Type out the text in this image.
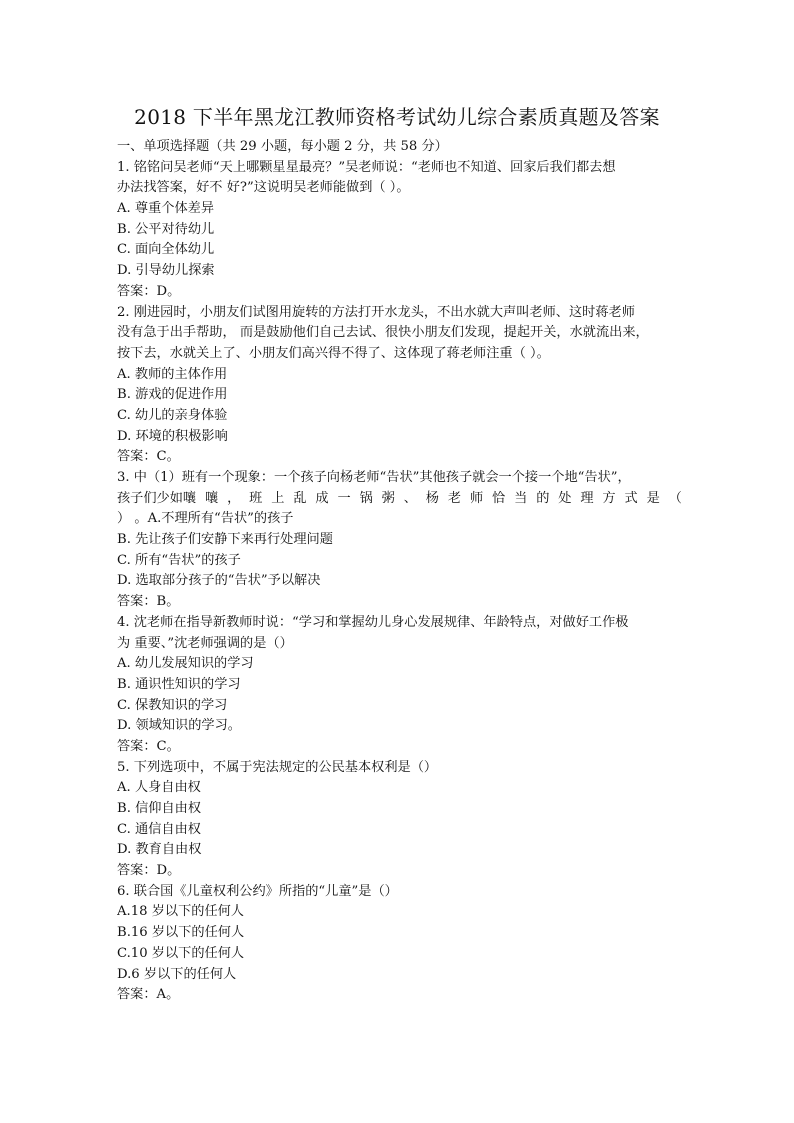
2018 下半年黑龙江教师资格考试幼儿综合素质真题及答案
一、单项选择题（共 29 小题，每小题 2 分，共 58 分）
1. 铭铭问吴老师“天上哪颗星星最亮？”吴老师说：“老师也不知道、回家后我们都去想
办法找答案，好不 好?”这说明吴老师能做到（ ）。
A. 尊重个体差异
B. 公平对待幼儿
C. 面向全体幼儿
D. 引导幼儿探索
答案：D。
2. 刚进园时，小朋友们试图用旋转的方法打开水龙头，不出水就大声叫老师、这时蒋老师
没有急于出手帮助， 而是鼓励他们自己去试、很快小朋友们发现，提起开关，水就流出来，
按下去，水就关上了、小朋友们高兴得不得了、这体现了蒋老师注重（ ）。
A. 教师的主体作用
B. 游戏的促进作用
C. 幼儿的亲身体验
D. 环境的积极影响
答案：C。
3. 中（1）班有一个现象：一个孩子向杨老师“告状”其他孩子就会一个接一个地“告状”，
孩子们少如嚷 嚷 ， 班 上 乱 成 一 锅 粥 、 杨 老 师 恰 当 的 处 理 方 式 是 （
） 。A.不理所有“告状”的孩子
B. 先让孩子们安静下来再行处理问题
C. 所有“告状”的孩子
D. 选取部分孩子的“告状”予以解决
答案：B。
4. 沈老师在指导新教师时说：“学习和掌握幼儿身心发展规律、年龄特点，对做好工作极
为 重要、”沈老师强调的是（）
A. 幼儿发展知识的学习
B. 通识性知识的学习
C. 保教知识的学习
D. 领域知识的学习。
答案：C。
5. 下列选项中，不属于宪法规定的公民基本权利是（）
A. 人身自由权
B. 信仰自由权
C. 通信自由权
D. 教育自由权
答案：D。
6. 联合国《儿童权利公约》所指的“儿童”是（）
A.18 岁以下的任何人
B.16 岁以下的任何人
C.10 岁以下的任何人
D.6 岁以下的任何人
答案：A。
